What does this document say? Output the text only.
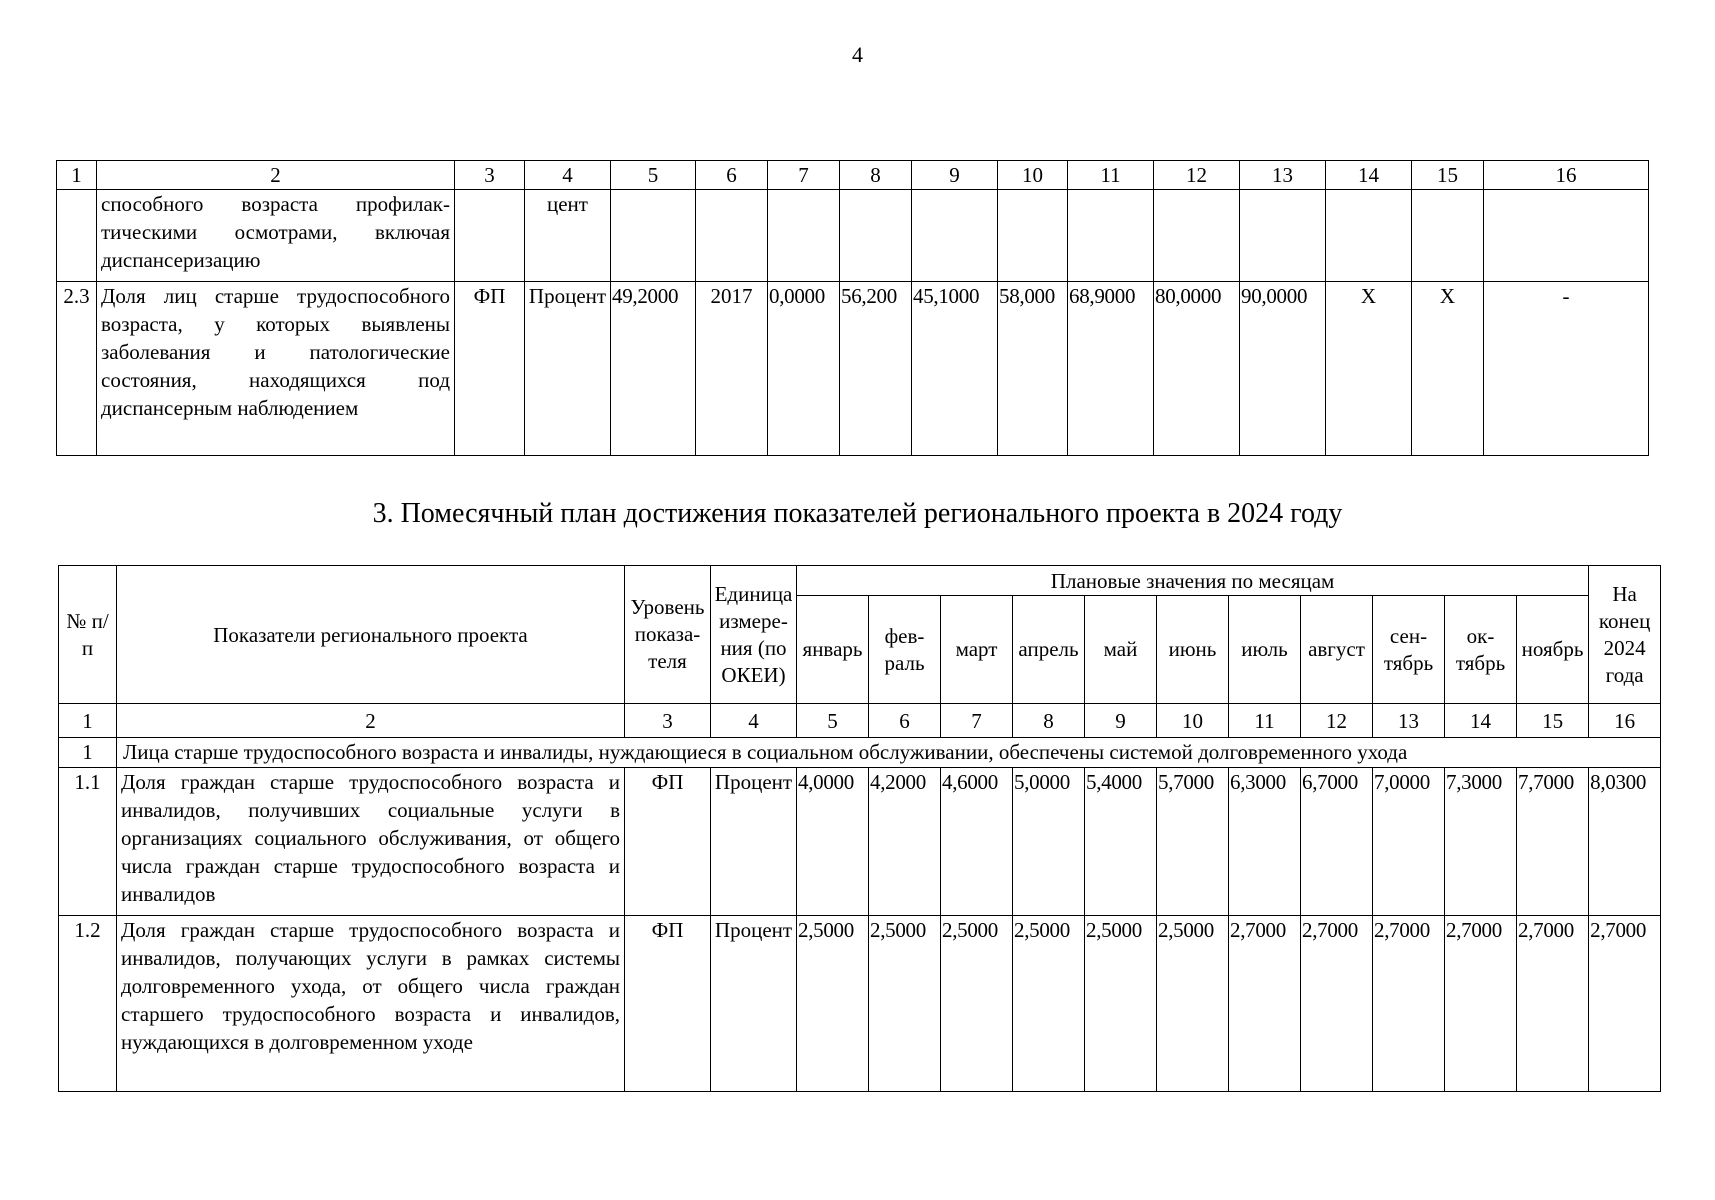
4
1	2	3	4	5	6	7	8	9	10	11	12	13	14	15	16
	способного возраста профилактическими осмотрами, включая диспансеризацию		цент												
2.3	Доля лиц старше трудоспособного возраста, у которых выявлены заболевания и патологические состояния, находящихся под диспансерным наблюдением	ФП	Процент	49,2000	2017	0,0000	56,200	45,1000	58,000	68,9000	80,0000	90,0000	X	X	-
3. Помесячный план достижения показателей регионального проекта в 2024 году
№ п/п	Показатели регионального проекта	Уровень показателя	Единица измерения (по ОКЕИ)	Плановые значения по месяцам											На конец 2024 года
				январь	февраль	март	апрель	май	июнь	июль	август	сентябрь	октябрь	ноябрь	
1	2	3	4	5	6	7	8	9	10	11	12	13	14	15	16
1	Лица старше трудоспособного возраста и инвалиды, нуждающиеся в социальном обслуживании, обеспечены системой долговременного ухода														
1.1	Доля граждан старше трудоспособного возраста и инвалидов, получивших социальные услуги в организациях социального обслуживания, от общего числа граждан старше трудоспособного возраста и инвалидов	ФП	Процент	4,0000	4,2000	4,6000	5,0000	5,4000	5,7000	6,3000	6,7000	7,0000	7,3000	7,7000	8,0300
1.2	Доля граждан старше трудоспособного возраста и инвалидов, получающих услуги в рамках системы долговременного ухода, от общего числа граждан старшего трудоспособного возраста и инвалидов, нуждающихся в долговременном уходе	ФП	Процент	2,5000	2,5000	2,5000	2,5000	2,5000	2,5000	2,7000	2,7000	2,7000	2,7000	2,7000	2,7000
